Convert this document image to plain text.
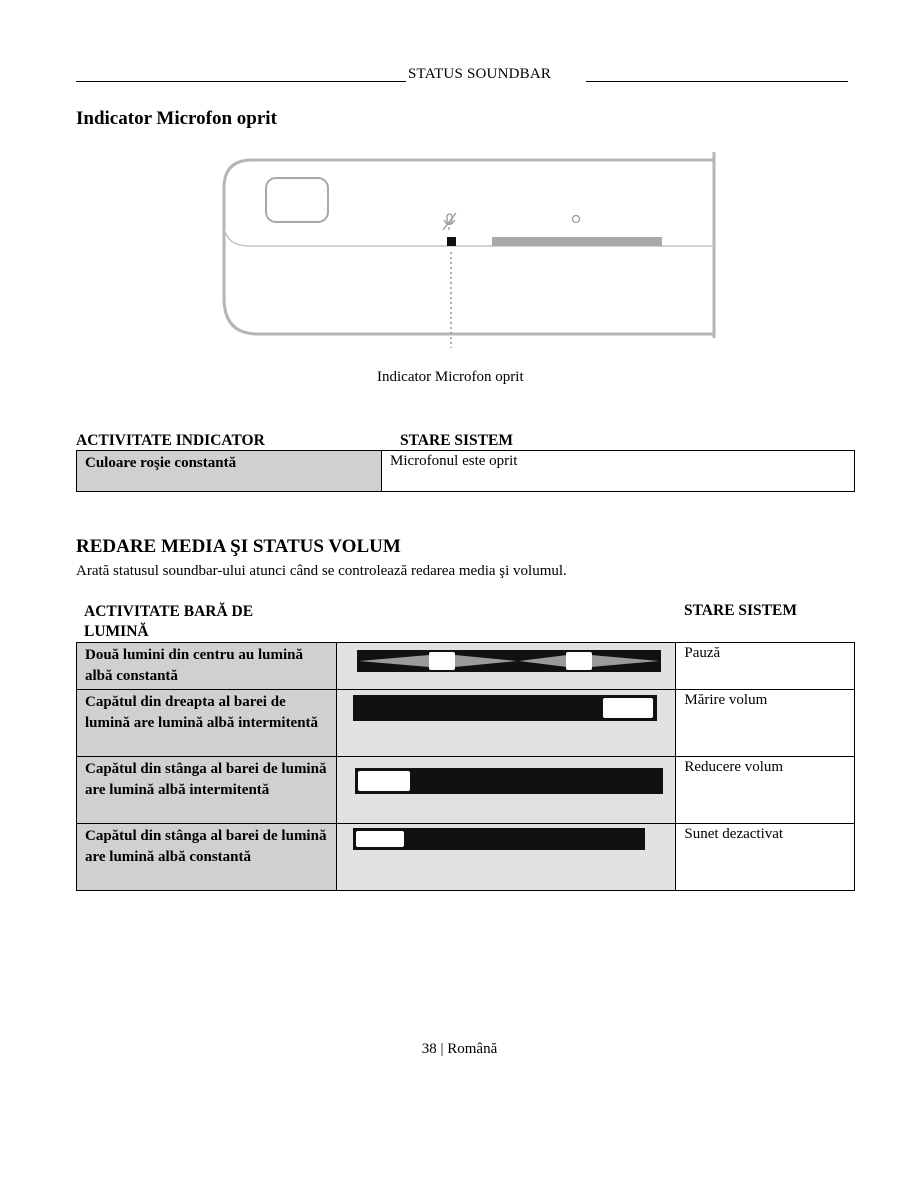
STATUS SOUNDBAR
Indicator Microfon oprit
Indicator Microfon oprit
ACTIVITATE INDICATOR	STARE SISTEM
Culoare roşie constantă	Microfonul este oprit
REDARE MEDIA ŞI STATUS VOLUM
Arată statusul soundbar-ului atunci când se controlează redarea media şi volumul.
ACTIVITATE BARĂ DE LUMINĂ
STARE SISTEM
Două lumini din centru au lumină albă constantă		Pauză
Capătul din dreapta al barei de lumină are lumină albă intermitentă		Mărire volum
Capătul din stânga al barei de lumină are lumină albă intermitentă		Reducere volum
Capătul din stânga al barei de lumină are lumină albă constantă		Sunet dezactivat
38 | Română
